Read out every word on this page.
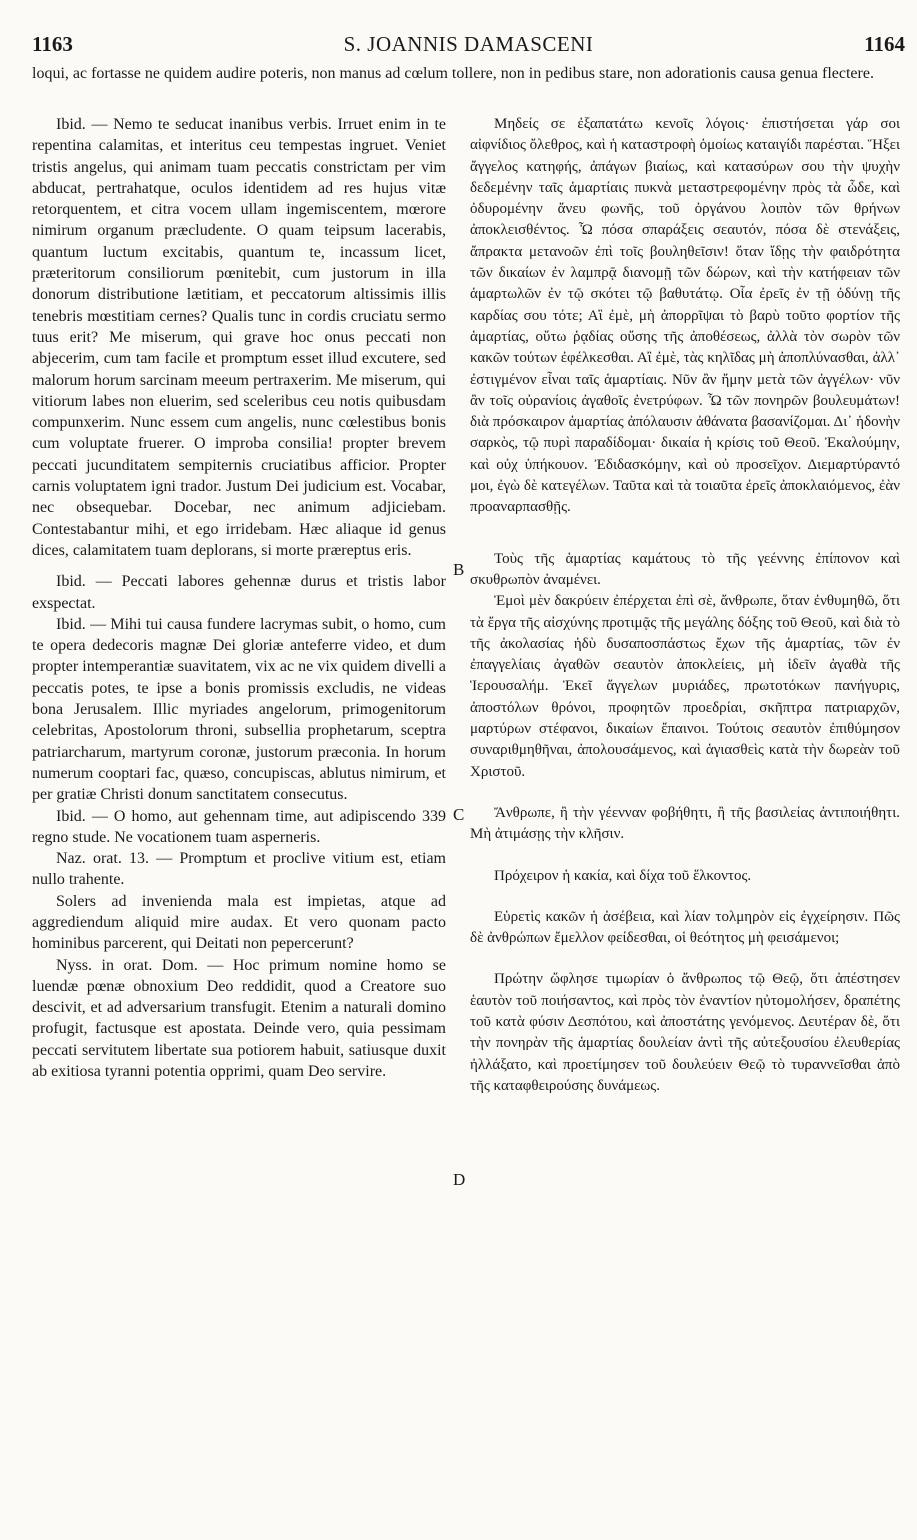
1163	S. JOANNIS DAMASCENI	1164

loqui, ac fortasse ne quidem audire poteris, non manus ad cœlum tollere, non in pedibus stare, non adorationis causa genua flectere.

Ibid. — Nemo te seducat inanibus verbis. Irruet enim in te repentina calamitas, et interitus ceu tempestas ingruet. Veniet tristis angelus, qui animam tuam peccatis constrictam per vim abducat, pertrahatque, oculos identidem ad res hujus vitæ retorquentem, et citra vocem ullam ingemiscentem, mœrore nimirum organum præcludente. O quam teipsum lacerabis, quantum luctum excitabis, quantum te, incassum licet, præteritorum consiliorum pœnitebit, cum justorum in illa donorum distributione lætitiam, et peccatorum altissimis illis tenebris mœstitiam cernes? Qualis tunc in cordis cruciatu sermo tuus erit? Me miserum, qui grave hoc onus peccati non abjecerim, cum tam facile et promptum esset illud excutere, sed malorum horum sarcinam meeum pertraxerim. Me miserum, qui vitiorum labes non eluerim, sed sceleribus ceu notis quibusdam compunxerim. Nunc essem cum angelis, nunc cœlestibus bonis cum voluptate fruerer. O improba consilia! propter brevem peccati jucunditatem sempiternis cruciatibus afficior. Propter carnis voluptatem igni trador. Justum Dei judicium est. Vocabar, nec obsequebar. Docebar, nec animum adjiciebam. Contestabantur mihi, et ego irridebam. Hæc aliaque id genus dices, calamitatem tuam deplorans, si morte præreptus eris.

Ibid. — Peccati labores gehennæ durus et tristis labor exspectat.

Ibid. — Mihi tui causa fundere lacrymas subit, o homo, cum te opera dedecoris magnæ Dei gloriæ anteferre video, et dum propter intemperantiæ suavitatem, vix ac ne vix quidem divelli a peccatis potes, te ipse a bonis promissis excludis, ne videas bona Jerusalem. Illic myriades angelorum, primogenitorum celebritas, Apostolorum throni, subsellia prophetarum, sceptra patriarcharum, martyrum coronæ, justorum præconia. In horum numerum cooptari fac, quæso, concupiscas, ablutus nimirum, et per gratiæ Christi donum sanctitatem consecutus.

Ibid. — O homo, aut gehennam time, aut adipiscendo 339 regno stude. Ne vocationem tuam asperneris.

Naz. orat. 13. — Promptum et proclive vitium est, etiam nullo trahente.

Solers ad invenienda mala est impietas, atque ad aggrediendum aliquid mire audax. Et vero quonam pacto hominibus parcerent, qui Deitati non pepercerunt?

Nyss. in orat. Dom. — Hoc primum nomine homo se luendæ pœnæ obnoxium Deo reddidit, quod a Creatore suo descivit, et ad adversarium transfugit. Etenim a naturali domino profugit, factusque est apostata. Deinde vero, quia pessimam peccati servitutem libertate sua potiorem habuit, satiusque duxit ab exitiosa tyranni potentia opprimi, quam Deo servire.

Μηδείς σε ἐξαπατάτω κενοῖς λόγοις· ἐπιστήσεται γάρ σοι αἰφνίδιος ὄλεθρος, καὶ ἡ καταστροφὴ ὁμοίως καταιγίδι παρέσται. Ἥξει ἄγγελος κατηφής, ἀπάγων βιαίως, καὶ κατασύρων σου τὴν ψυχὴν δεδεμένην ταῖς ἁμαρτίαις πυκνὰ μεταστρεφομένην πρὸς τὰ ὧδε, καὶ ὀδυρομένην ἄνευ φωνῆς, τοῦ ὀργάνου λοιπὸν τῶν θρήνων ἀποκλεισθέντος. Ὦ πόσα σπαράξεις σεαυτόν, πόσα δὲ στενάξεις, ἄπρακτα μετανοῶν ἐπὶ τοῖς βουληθεῖσιν! ὅταν ἴδῃς τὴν φαιδρότητα τῶν δικαίων ἐν λαμπρᾷ διανομῇ τῶν δώρων, καὶ τὴν κατήφειαν τῶν ἁμαρτωλῶν ἐν τῷ σκότει τῷ βαθυτάτῳ. Οἷα ἐρεῖς ἐν τῇ ὀδύνῃ τῆς καρδίας σου τότε; Αἲ ἐμὲ, μὴ ἀπορρῖψαι τὸ βαρὺ τοῦτο φορτίον τῆς ἁμαρτίας, οὕτω ῥᾳδίας οὔσης τῆς ἀποθέσεως, ἀλλὰ τὸν σωρὸν τῶν κακῶν τούτων ἐφέλκεσθαι. Αἲ ἐμὲ, τὰς κηλῖδας μὴ ἀποπλύνασθαι, ἀλλ᾽ ἐστιγμένον εἶναι ταῖς ἁμαρτίαις. Νῦν ἂν ἤμην μετὰ τῶν ἀγγέλων· νῦν ἂν τοῖς οὐρανίοις ἀγαθοῖς ἐνετρύφων. Ὦ τῶν πονηρῶν βουλευμάτων! διὰ πρόσκαιρον ἁμαρτίας ἀπόλαυσιν ἀθάνατα βασανίζομαι. Δι᾽ ἡδονὴν σαρκὸς, τῷ πυρὶ παραδίδομαι· δικαία ἡ κρίσις τοῦ Θεοῦ. Ἐκαλούμην, καὶ οὐχ ὑπήκουον. Ἐδιδασκόμην, καὶ οὐ προσεῖχον. Διεμαρτύραντό μοι, ἐγὼ δὲ κατεγέλων. Ταῦτα καὶ τὰ τοιαῦτα ἐρεῖς ἀποκλαιόμενος, ἐὰν προαναρπασθῇς.

Τοὺς τῆς ἁμαρτίας καμάτους τὸ τῆς γεέννης ἐπίπονον καὶ σκυθρωπὸν ἀναμένει.

Ἐμοὶ μὲν δακρύειν ἐπέρχεται ἐπὶ σὲ, ἄνθρωπε, ὅταν ἐνθυμηθῶ, ὅτι τὰ ἔργα τῆς αἰσχύνης προτιμᾷς τῆς μεγάλης δόξης τοῦ Θεοῦ, καὶ διὰ τὸ τῆς ἀκολασίας ἡδὺ δυσαποσπάστως ἔχων τῆς ἁμαρτίας, τῶν ἐν ἐπαγγελίαις ἀγαθῶν σεαυτὸν ἀποκλείεις, μὴ ἰδεῖν ἀγαθὰ τῆς Ἱερουσαλήμ. Ἐκεῖ ἄγγελων μυριάδες, πρωτοτόκων πανήγυρις, ἀποστόλων θρόνοι, προφητῶν προεδρίαι, σκῆπτρα πατριαρχῶν, μαρτύρων στέφανοι, δικαίων ἔπαινοι. Τούτοις σεαυτὸν ἐπιθύμησον συναριθμηθῆναι, ἀπολουσάμενος, καὶ ἁγιασθεὶς κατὰ τὴν δωρεὰν τοῦ Χριστοῦ.

Ἄνθρωπε, ἢ τὴν γέενναν φοβήθητι, ἢ τῆς βασιλείας ἀντιποιήθητι. Μὴ ἀτιμάσῃς τὴν κλῆσιν.

Πρόχειρον ἡ κακία, καὶ δίχα τοῦ ἕλκοντος.

Εὑρετὶς κακῶν ἡ ἀσέβεια, καὶ λίαν τολμηρὸν εἰς ἐγχείρησιν. Πῶς δὲ ἀνθρώπων ἔμελλον φείδεσθαι, οἱ θεότητος μὴ φεισάμενοι;

Πρώτην ὤφλησε τιμωρίαν ὁ ἄνθρωπος τῷ Θεῷ, ὅτι ἀπέστησεν ἑαυτὸν τοῦ ποιήσαντος, καὶ πρὸς τὸν ἐναντίον ηὐτομολήσεν, δραπέτης τοῦ κατὰ φύσιν Δεσπότου, καὶ ἀποστάτης γενόμενος. Δευτέραν δὲ, ὅτι τὴν πονηρὰν τῆς ἁμαρτίας δουλείαν ἀντὶ τῆς αὐτεξουσίου ἐλευθερίας ἠλλάξατο, καὶ προετίμησεν τοῦ δουλεύειν Θεῷ τὸ τυραννεῖσθαι ἀπὸ τῆς καταφθειρούσης δυνάμεως.

B
C
D
